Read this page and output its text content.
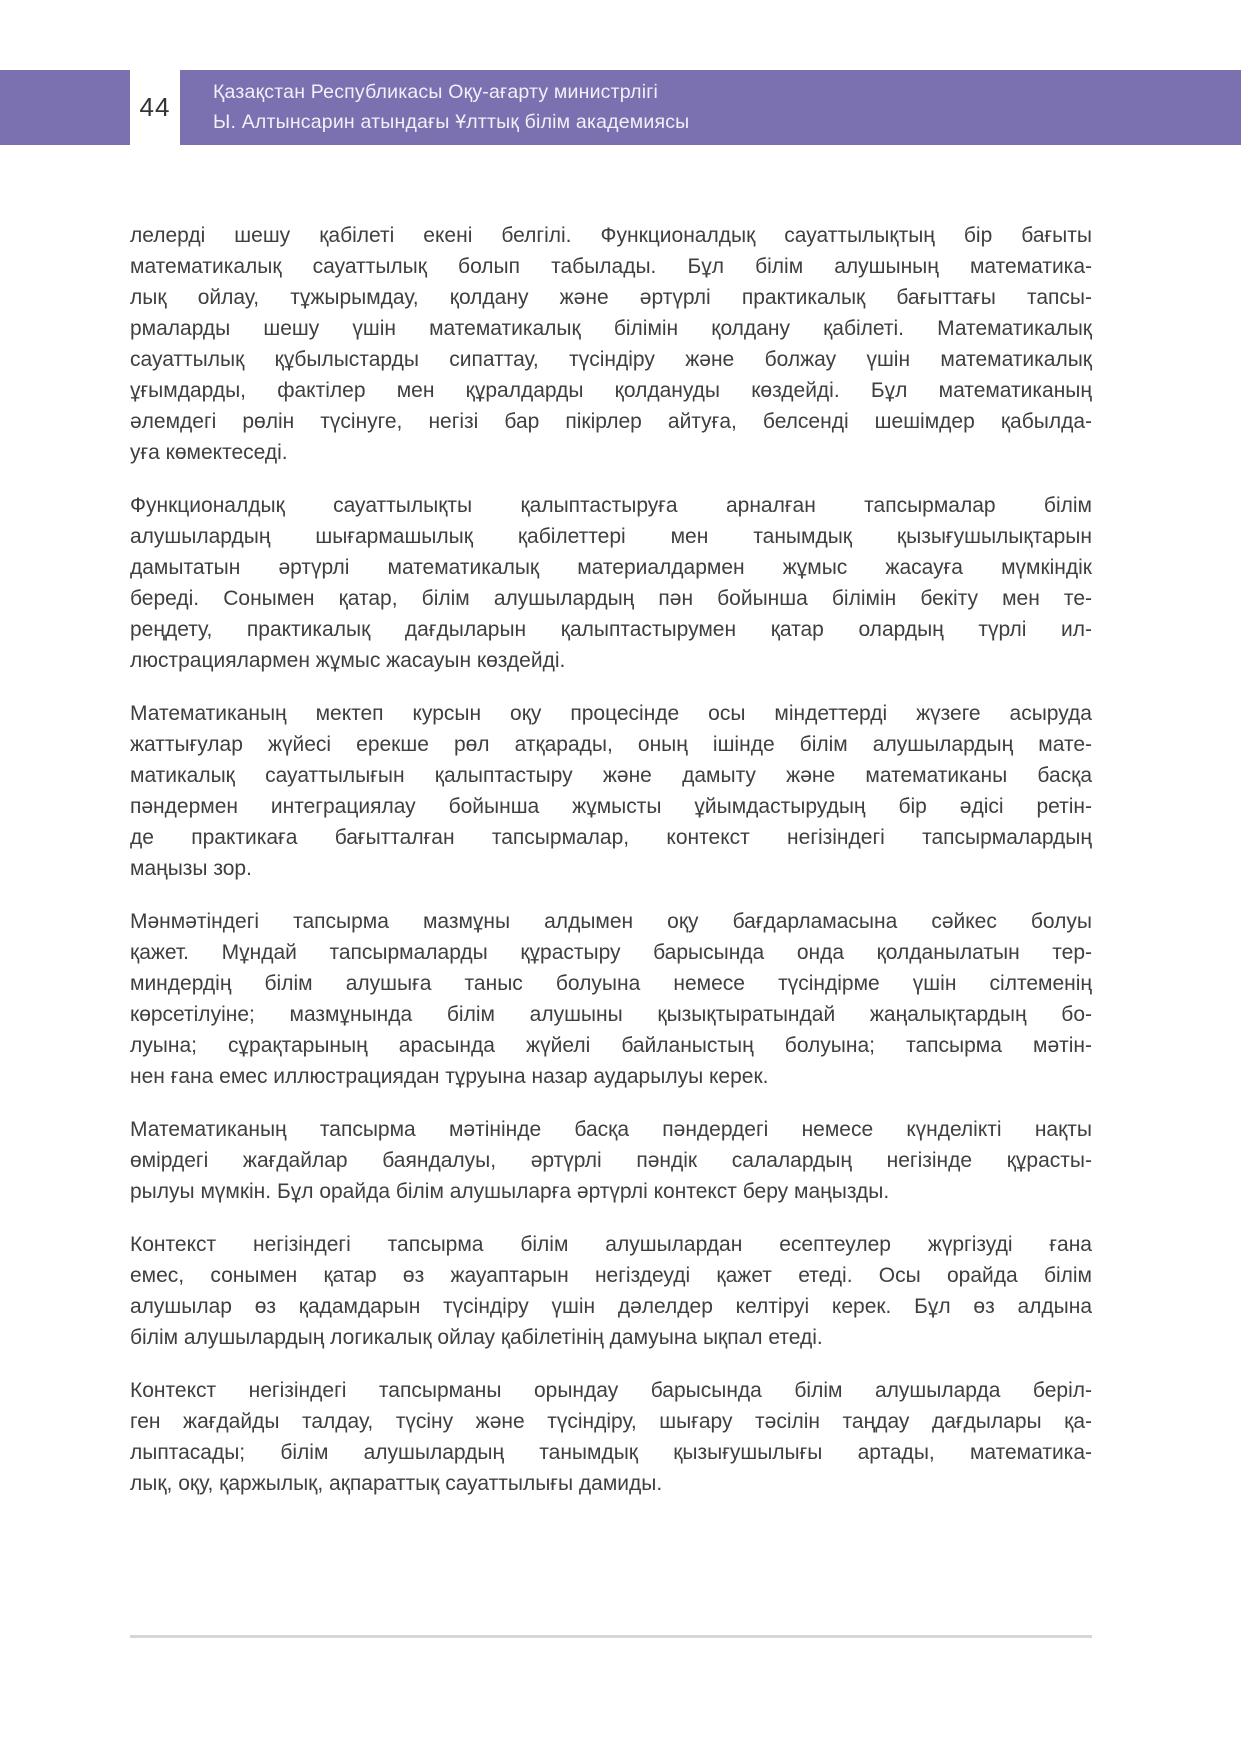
44 Қазақстан Республикасы Оқу-ағарту министрлігі
Ы. Алтынсарин атындағы Ұлттық білім академиясы
лелерді шешу қабілеті екені белгілі. Функционалдық сауаттылықтың бір бағыты
математикалық сауаттылық болып табылады. Бұл білім алушының математика-
лық ойлау, тұжырымдау, қолдану және әртүрлі практикалық бағыттағы тапсы-
рмаларды шешу үшін математикалық білімін қолдану қабілеті. Математикалық
сауаттылық құбылыстарды сипаттау, түсіндіру және болжау үшін математикалық
ұғымдарды, фактілер мен құралдарды қолдануды көздейді. Бұл математиканың
әлемдегі рөлін түсінуге, негізі бар пікірлер айтуға, белсенді шешімдер қабылда-
уға көмектеседі.
Функционалдық сауаттылықты қалыптастыруға арналған тапсырмалар білім
алушылардың шығармашылық қабілеттері мен танымдық қызығушылықтарын
дамытатын әртүрлі математикалық материалдармен жұмыс жасауға мүмкіндік
береді. Сонымен қатар, білім алушылардың пән бойынша білімін бекіту мен те-
реңдету, практикалық дағдыларын қалыптастырумен қатар олардың түрлі ил-
люстрациялармен жұмыс жасауын көздейді.
Математиканың мектеп курсын оқу процесінде осы міндеттерді жүзеге асыруда
жаттығулар жүйесі ерекше рөл атқарады, оның ішінде білім алушылардың мате-
матикалық сауаттылығын қалыптастыру және дамыту және математиканы басқа
пәндермен интеграциялау бойынша жұмысты ұйымдастырудың бір әдісі ретін-
де практикаға бағытталған тапсырмалар, контекст негізіндегі тапсырмалардың
маңызы зор.
Мәнмәтіндегі тапсырма мазмұны алдымен оқу бағдарламасына сәйкес болуы
қажет. Мұндай тапсырмаларды құрастыру барысында онда қолданылатын тер-
миндердің білім алушыға таныс болуына немесе түсіндірме үшін сілтеменің
көрсетілуіне; мазмұнында білім алушыны қызықтыратындай жаңалықтардың бо-
луына; сұрақтарының арасында жүйелі байланыстың болуына; тапсырма мәтін-
нен ғана емес иллюстрациядан тұруына назар аударылуы керек.
Математиканың тапсырма мәтінінде басқа пәндердегі немесе күнделікті нақты
өмірдегі жағдайлар баяндалуы, әртүрлі пәндік салалардың негізінде құрасты-
рылуы мүмкін. Бұл орайда білім алушыларға әртүрлі контекст беру маңызды.
Контекст негізіндегі тапсырма білім алушылардан есептеулер жүргізуді ғана
емес, сонымен қатар өз жауаптарын негіздеуді қажет етеді. Осы орайда білім
алушылар өз қадамдарын түсіндіру үшін дәлелдер келтіруі керек. Бұл өз алдына
білім алушылардың логикалық ойлау қабілетінің дамуына ықпал етеді.
Контекст негізіндегі тапсырманы орындау барысында білім алушыларда беріл-
ген жағдайды талдау, түсіну және түсіндіру, шығару тәсілін таңдау дағдылары қа-
лыптасады; білім алушылардың танымдық қызығушылығы артады, математика-
лық, оқу, қаржылық, ақпараттық сауаттылығы дамиды.
